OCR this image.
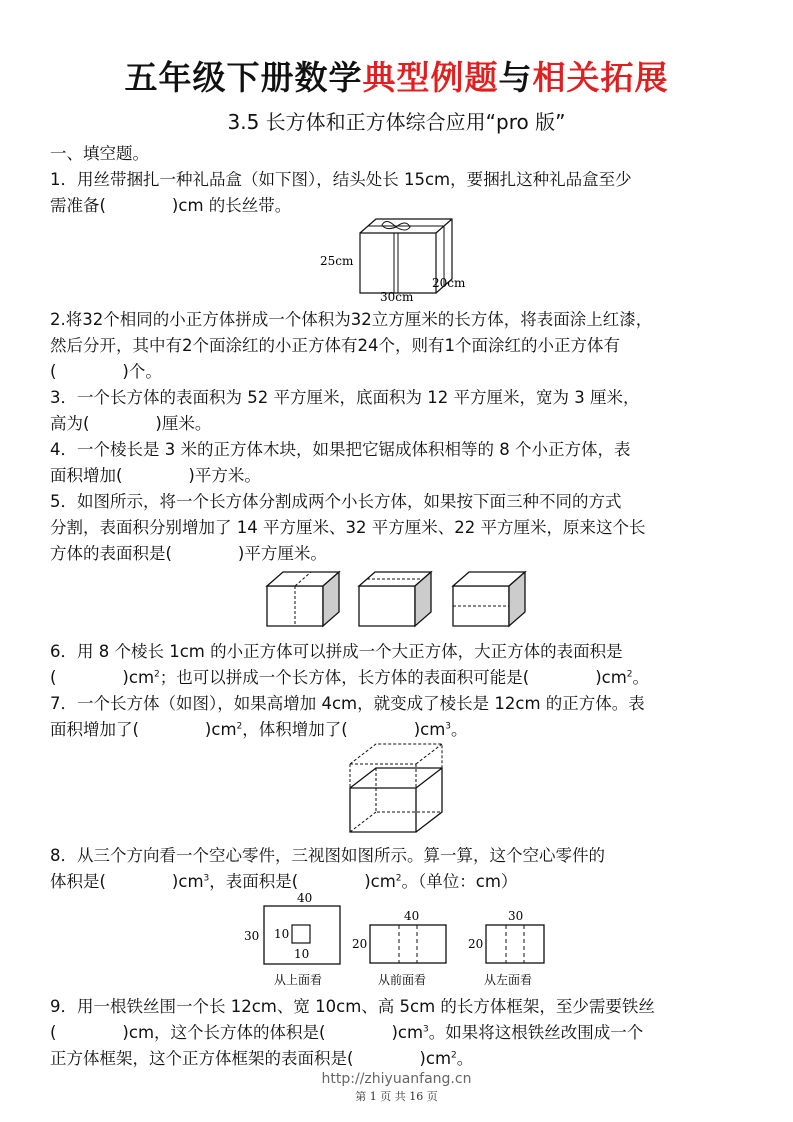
五年级下册数学典型例题与相关拓展
3.5 长方体和正方体综合应用“pro 版”
一、填空题。
1．用丝带捆扎一种礼品盒（如下图），结头处长 15cm，要捆扎这种礼品盒至少
需准备(　　　　)cm 的长丝带。
25cm
30cm
20cm
2.将32个相同的小正方体拼成一个体积为32立方厘米的长方体，将表面涂上红漆，
然后分开，其中有2个面涂红的小正方体有24个，则有1个面涂红的小正方体有
(　　　　)个。
3．一个长方体的表面积为 52 平方厘米，底面积为 12 平方厘米，宽为 3 厘米，
高为(　　　　)厘米。
4．一个棱长是 3 米的正方体木块，如果把它锯成体积相等的 8 个小正方体，表
面积增加(　　　　)平方米。
5．如图所示，将一个长方体分割成两个小长方体，如果按下面三种不同的方式
分割，表面积分别增加了 14 平方厘米、32 平方厘米、22 平方厘米，原来这个长
方体的表面积是(　　　　)平方厘米。
6．用 8 个棱长 1cm 的小正方体可以拼成一个大正方体，大正方体的表面积是
(　　　　)$cm^2$；也可以拼成一个长方体，长方体的表面积可能是(　　　　)$cm^2$。
7．一个长方体（如图），如果高增加 4cm，就变成了棱长是 12cm 的正方体。表
面积增加了(　　　　)$cm^2$，体积增加了(　　　　)$cm^3$。
8．从三个方向看一个空心零件，三视图如图所示。算一算，这个空心零件的
体积是(　　　　)$cm^3$，表面积是(　　　　)$cm^2$。（单位：cm）
40
30 10
10
从上面看
40
20
从前面看
30
20
从左面看
9．用一根铁丝围一个长 12cm、宽 10cm、高 5cm 的长方体框架，至少需要铁丝
(　　　　)cm，这个长方体的体积是(　　　　)$cm^3$。如果将这根铁丝改围成一个
正方体框架，这个正方体框架的表面积是(　　　　)$cm^2$。
http://zhiyuanfang.cn
第 1 页 共 16 页
